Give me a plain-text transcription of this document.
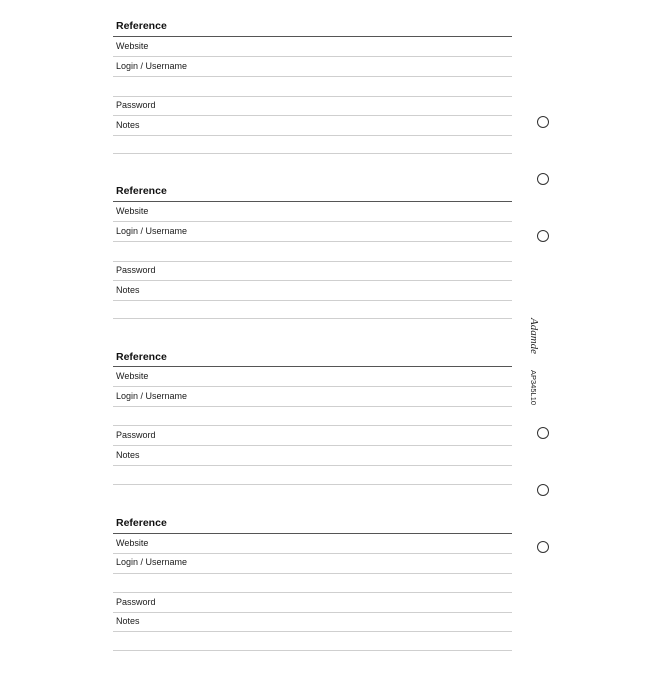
Reference
Website
Login / Username
Password
Notes
Reference
Website
Login / Username
Password
Notes
Reference
Website
Login / Username
Password
Notes
Reference
Website
Login / Username
Password
Notes
Adamde
AP345L10
